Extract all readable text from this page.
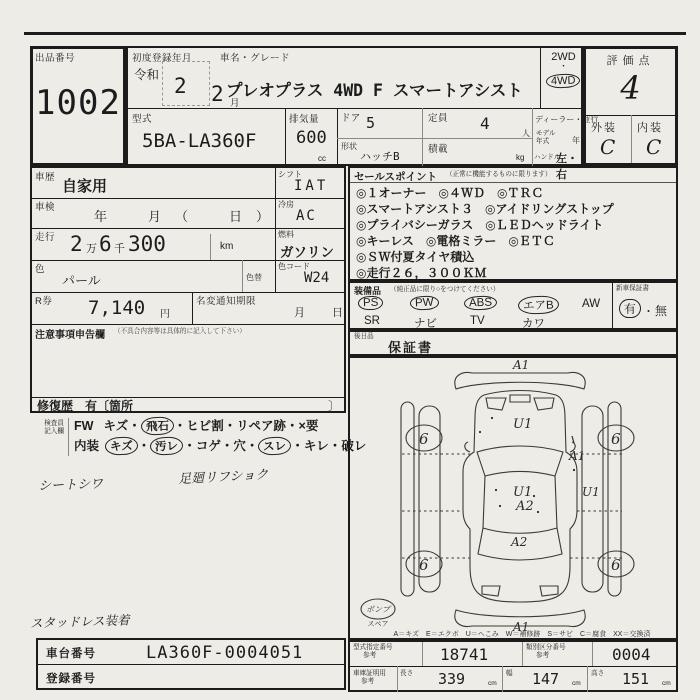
出品番号
1002
初度登録年月	車名・グレード
令和 2 2 月
プレオプラス 4WD F スマートアシスト
2WD
・
4WD
型式
5BA-LA360F
排気量
600
cc
ドア 5
形状
ハッチB
定員 4
人
積載
kg
ディーラー・並行
モデル
年式	年
ハンドル
左・右
評価点
4
外装 内装
C C
車歴
自家用
シフト
IAT
車検
年　月（　日）
冷房
AC
走行 2 万 6 千 300	km
燃料
ガソリン
色
パール	色替
色コード
W24
R券 7,140 円
名変通知期限
月 日
注意事項申告欄 （不具合内容等は具体的に記入して下さい）
修復歴　有〔箇所	〕
セールスポイント （正常に機能するものに限ります）
◎１オーナー　◎４ＷＤ　◎ＴＲＣ
◎スマートアシスト３　◎アイドリングストップ
◎プライバシーガラス　◎ＬＥＤヘッドライト
◎キーレス　◎電格ミラー　◎ＥＴＣ
◎ＳＷ付夏タイヤ積込
◎走行２６，３００ＫＭ
装備品 （純正品に限り○をつけてください）
PS	PW	ABS	エアB	AW
SR	ナビ	TV	カワ
新車保証書
有 ・ 無
後日品
保証書
A1
U1
A1
U1
U1
A2
A2
A1
6	6
6	6
ポンプ
スペア
A＝キズ　E＝エクボ　U＝ヘこみ　W＝補修跡　S＝サビ　C＝腐食　XX＝交換済
型式指定番号
参考	18741	類別区分番号
参考	0004
車庫証明用
参考
長さ 339	cm
幅 147 cm
高さ 151 cm
検査員
記入欄 FW キズ・ 飛石 ・ヒビ割・リペア跡・×要
内装 キズ ・ 汚レ ・コゲ・穴・ スレ ・キレ・破レ
シートシワ	足廻リフショク
スタッドレス装着
車台番号	LA360F-0004051
登録番号
